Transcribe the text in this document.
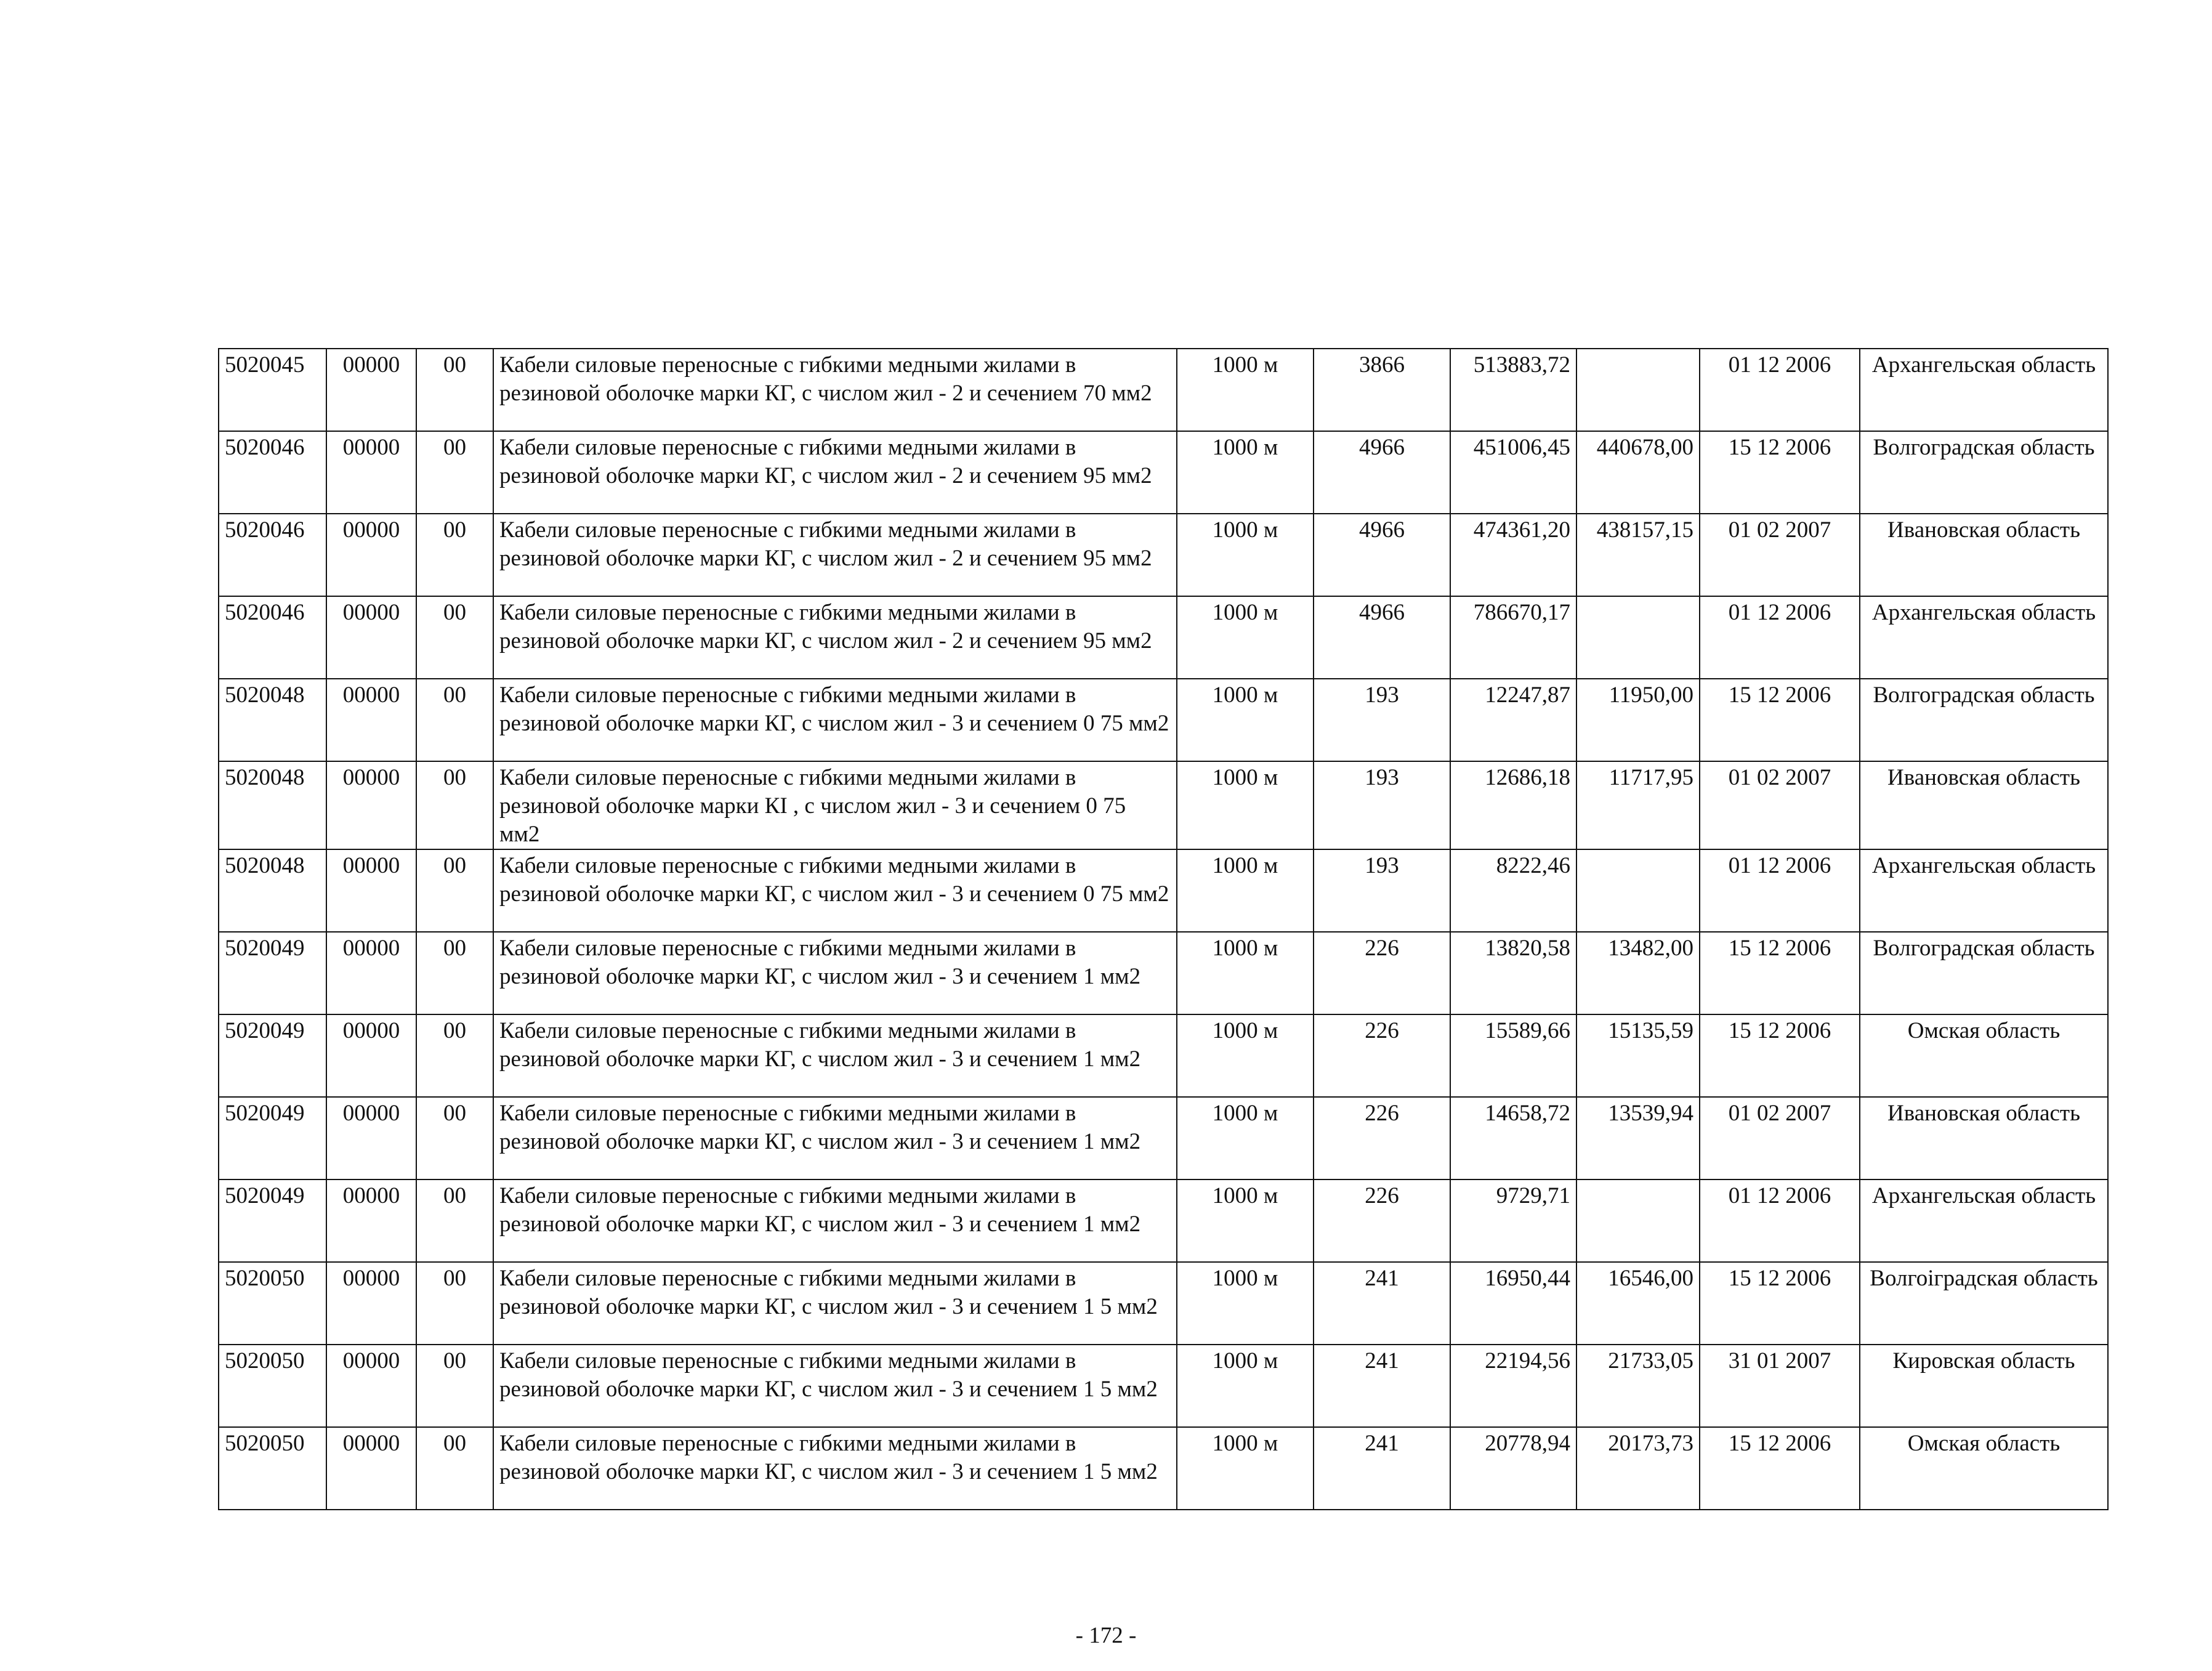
5020045	00000	00	Кабели силовые переносные с гибкими медными жилами в резиновой оболочке марки КГ, с числом жил - 2 и сечением 70 мм2	1000 м	3866	513883,72		01 12 2006	Архангельская область
5020046	00000	00	Кабели силовые переносные с гибкими медными жилами в резиновой оболочке марки КГ, с числом жил - 2 и сечением 95 мм2	1000 м	4966	451006,45	440678,00	15 12 2006	Волгоградская область
5020046	00000	00	Кабели силовые переносные с гибкими медными жилами в резиновой оболочке марки КГ, с числом жил - 2 и сечением 95 мм2	1000 м	4966	474361,20	438157,15	01 02 2007	Ивановская область
5020046	00000	00	Кабели силовые переносные с гибкими медными жилами в резиновой оболочке марки КГ, с числом жил - 2 и сечением 95 мм2	1000 м	4966	786670,17		01 12 2006	Архангельская область
5020048	00000	00	Кабели силовые переносные с гибкими медными жилами в резиновой оболочке марки КГ, с числом жил - 3 и сечением 0 75 мм2	1000 м	193	12247,87	11950,00	15 12 2006	Волгоградская область
5020048	00000	00	Кабели силовые переносные с гибкими медными жилами в резиновой оболочке марки КI , с числом жил - 3 и сечением 0 75 мм2	1000 м	193	12686,18	11717,95	01 02 2007	Ивановская область
5020048	00000	00	Кабели силовые переносные с гибкими медными жилами в резиновой оболочке марки КГ, с числом жил - 3 и сечением 0 75 мм2	1000 м	193	8222,46		01 12 2006	Архангельская область
5020049	00000	00	Кабели силовые переносные с гибкими медными жилами в резиновой оболочке марки КГ, с числом жил - 3 и сечением 1 мм2	1000 м	226	13820,58	13482,00	15 12 2006	Волгоградская область
5020049	00000	00	Кабели силовые переносные с гибкими медными жилами в резиновой оболочке марки КГ, с числом жил - 3 и сечением 1 мм2	1000 м	226	15589,66	15135,59	15 12 2006	Омская область
5020049	00000	00	Кабели силовые переносные с гибкими медными жилами в резиновой оболочке марки КГ, с числом жил - 3 и сечением 1 мм2	1000 м	226	14658,72	13539,94	01 02 2007	Ивановская область
5020049	00000	00	Кабели силовые переносные с гибкими медными жилами в резиновой оболочке марки КГ, с числом жил - 3 и сечением 1 мм2	1000 м	226	9729,71		01 12 2006	Архангельская область
5020050	00000	00	Кабели силовые переносные с гибкими медными жилами в резиновой оболочке марки КГ, с числом жил - 3 и сечением 1 5 мм2	1000 м	241	16950,44	16546,00	15 12 2006	Волгоіградская область
5020050	00000	00	Кабели силовые переносные с гибкими медными жилами в резиновой оболочке марки КГ, с числом жил - 3 и сечением 1 5 мм2	1000 м	241	22194,56	21733,05	31 01 2007	Кировская область
5020050	00000	00	Кабели силовые переносные с гибкими медными жилами в резиновой оболочке марки КГ, с числом жил - 3 и сечением 1 5 мм2	1000 м	241	20778,94	20173,73	15 12 2006	Омская область
- 172 -
